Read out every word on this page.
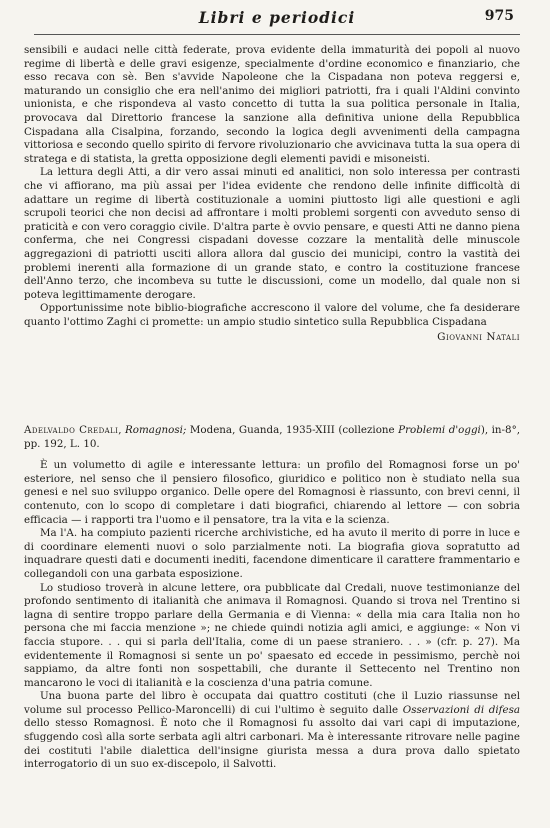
Libri e periodici	975

sensibili e audaci nelle città federate, prova evidente della immaturità dei popoli al nuovo regime di libertà e delle gravi esigenze, specialmente d'ordine economico e finanziario, che esso recava con sè. Ben s'avvide Napoleone che la Cispadana non poteva reggersi e, maturando un consiglio che era nell'animo dei migliori patriotti, fra i quali l'Aldini convinto unionista, e che rispondeva al vasto concetto di tutta la sua politica personale in Italia, provocava dal Direttorio francese la sanzione alla definitiva unione della Repubblica Cispadana alla Cisalpina, forzando, secondo la logica degli avvenimenti della campagna vittoriosa e secondo quello spirito di fervore rivoluzionario che avvicinava tutta la sua opera di stratega e di statista, la gretta opposizione degli elementi pavidi e misoneisti.

La lettura degli Atti, a dir vero assai minuti ed analitici, non solo interessa per contrasti che vi affiorano, ma più assai per l'idea evidente che rendono delle infinite difficoltà di adattare un regime di libertà costituzionale a uomini piuttosto ligi alle questioni e agli scrupoli teorici che non decisi ad affrontare i molti problemi sorgenti con avveduto senso di praticità e con vero coraggio civile. D'altra parte è ovvio pensare, e questi Atti ne danno piena conferma, che nei Congressi cispadani dovesse cozzare la mentalità delle minuscole aggregazioni di patriotti usciti allora allora dal guscio dei municipi, contro la vastità dei problemi inerenti alla formazione di un grande stato, e contro la costituzione francese dell'Anno terzo, che incombeva su tutte le discussioni, come un modello, dal quale non si poteva legittimamente derogare.

Opportunissime note biblio-biografiche accrescono il valore del volume, che fa desiderare quanto l'ottimo Zaghi ci promette: un ampio studio sintetico sulla Repubblica Cispadana

Giovanni Natali

Adelvaldo Credali, Romagnosi; Modena, Guanda, 1935-XIII (collezione Problemi d'oggi), in-8°, pp. 192, L. 10.

È un volumetto di agile e interessante lettura: un profilo del Romagnosi forse un po' esteriore, nel senso che il pensiero filosofico, giuridico e politico non è studiato nella sua genesi e nel suo sviluppo organico. Delle opere del Romagnosi è riassunto, con brevi cenni, il contenuto, con lo scopo di completare i dati biografici, chiarendo al lettore — con sobria efficacia — i rapporti tra l'uomo e il pensatore, tra la vita e la scienza.

Ma l'A. ha compiuto pazienti ricerche archivistiche, ed ha avuto il merito di porre in luce e di coordinare elementi nuovi o solo parzialmente noti. La biografia giova sopratutto ad inquadrare questi dati e documenti inediti, facendone dimenticare il carattere frammentario e collegandoli con una garbata esposizione.

Lo studioso troverà in alcune lettere, ora pubblicate dal Credali, nuove testimonianze del profondo sentimento di italianità che animava il Romagnosi. Quando si trova nel Trentino si lagna di sentire troppo parlare della Germania e di Vienna: « della mia cara Italia non ho persona che mi faccia menzione »; ne chiede quindi notizia agli amici, e aggiunge: « Non vi faccia stupore. . . qui si parla dell'Italia, come di un paese straniero. . . » (cfr. p. 27). Ma evidentemente il Romagnosi si sente un po' spaesato ed eccede in pessimismo, perchè noi sappiamo, da altre fonti non sospettabili, che durante il Settecento nel Trentino non mancarono le voci di italianità e la coscienza d'una patria comune.

Una buona parte del libro è occupata dai quattro costituti (che il Luzio riassunse nel volume sul processo Pellico-Maroncelli) di cui l'ultimo è seguito dalle Osservazioni di difesa dello stesso Romagnosi. È noto che il Romagnosi fu assolto dai vari capi di imputazione, sfuggendo così alla sorte serbata agli altri carbonari. Ma è interessante ritrovare nelle pagine dei costituti l'abile dialettica dell'insigne giurista messa a dura prova dallo spietato interrogatorio di un suo ex-discepolo, il Salvotti.
